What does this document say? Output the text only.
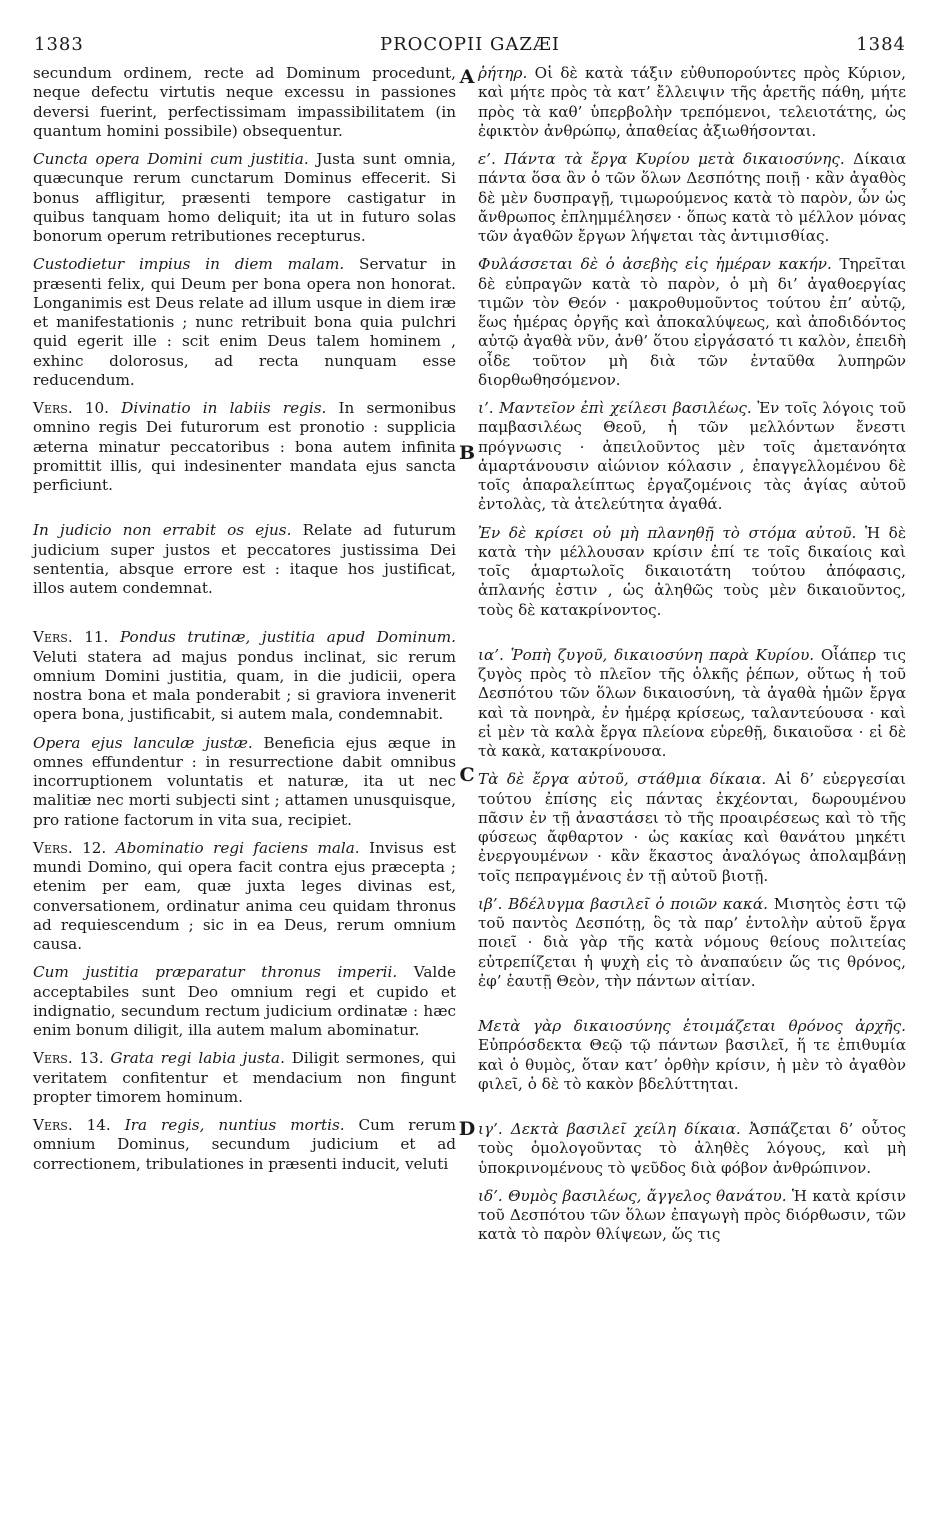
1383	PROCOPII GAZÆI	1384
A
B
C
D

secundum ordinem, recte ad Dominum procedunt, neque defectu virtutis neque excessu in passiones deversi fuerint, perfectissimam impassibilitatem (in quantum homini possibile) obsequentur.

Cuncta opera Domini cum justitia. Justa sunt omnia, quæcunque rerum cunctarum Dominus effecerit. Si bonus affligitur, præsenti tempore castigatur in quibus tanquam homo deliquit; ita ut in futuro solas bonorum operum retributiones recepturus.

Custodietur impius in diem malam. Servatur in præsenti felix, qui Deum per bona opera non honorat. Longanimis est Deus relate ad illum usque in diem iræ et manifestationis ; nunc retribuit bona quia pulchri quid egerit ille : scit enim Deus talem hominem , exhinc dolorosus, ad recta nunquam esse reducendum.

Vers. 10. Divinatio in labiis regis. In sermonibus omnino regis Dei futurorum est pronotio : supplicia æterna minatur peccatoribus : bona autem infinita promittit illis, qui indesinenter mandata ejus sancta perficiunt.

In judicio non errabit os ejus. Relate ad futurum judicium super justos et peccatores justissima Dei sententia, absque errore est : itaque hos justificat, illos autem condemnat.

Vers. 11. Pondus trutinæ, justitia apud Dominum. Veluti statera ad majus pondus inclinat, sic rerum omnium Domini justitia, quam, in die judicii, opera nostra bona et mala ponderabit ; si graviora invenerit opera bona, justificabit, si autem mala, condemnabit.

Opera ejus lanculæ justæ. Beneficia ejus æque in omnes effundentur : in resurrectione dabit omnibus incorruptionem voluntatis et naturæ, ita ut nec malitiæ nec morti subjecti sint ; attamen unusquisque, pro ratione factorum in vita sua, recipiet.

Vers. 12. Abominatio regi faciens mala. Invisus est mundi Domino, qui opera facit contra ejus præcepta ; etenim per eam, quæ juxta leges divinas est, conversationem, ordinatur anima ceu quidam thronus ad requiescendum ; sic in ea Deus, rerum omnium causa.

Cum justitia præparatur thronus imperii. Valde acceptabiles sunt Deo omnium regi et cupido et indignatio, secundum rectum judicium ordinatæ : hæc enim bonum diligit, illa autem malum abominatur.

Vers. 13. Grata regi labia justa. Diligit sermones, qui veritatem confitentur et mendacium non fingunt propter timorem hominum.

Vers. 14. Ira regis, nuntius mortis. Cum rerum omnium Dominus, secundum judicium et ad correctionem, tribulationes in præsenti inducit, veluti

ῥήτηρ. Οἱ δὲ κατὰ τάξιν εὐθυπορούντες πρὸς Κύριον, καὶ μήτε πρὸς τὰ κατ’ ἔλλειψιν τῆς ἀρετῆς πάθη, μήτε πρὸς τὰ καθ’ ὑπερβολὴν τρεπόμενοι, τελειοτάτης, ὡς ἐφικτὸν ἀνθρώπῳ, ἀπαθείας ἀξιωθήσονται.

ε’. Πάντα τὰ ἔργα Κυρίου μετὰ δικαιοσύνης. Δίκαια πάντα ὅσα ἂν ὁ τῶν ὅλων Δεσπότης ποιῇ · κἂν ἀγαθὸς δὲ μὲν δυσπραγῇ, τιμωρούμενος κατὰ τὸ παρὸν, ὧν ὡς ἄνθρωπος ἐπλημμέλησεν · ὅπως κατὰ τὸ μέλλον μόνας τῶν ἀγαθῶν ἔργων λήψεται τὰς ἀντιμισθίας.

Φυλάσσεται δὲ ὁ ἀσεβὴς εἰς ἡμέραν κακήν. Τηρεῖται δὲ εὐπραγῶν κατὰ τὸ παρὸν, ὁ μὴ δι’ ἀγαθοεργίας τιμῶν τὸν Θεόν · μακροθυμοῦντος τούτου ἐπ’ αὐτῷ, ἕως ἡμέρας ὀργῆς καὶ ἀποκαλύψεως, καὶ ἀποδιδόντος αὐτῷ ἀγαθὰ νῦν, ἀνθ’ ὅτου εἰργάσατό τι καλὸν, ἐπειδὴ οἶδε τοῦτον μὴ διὰ τῶν ἐνταῦθα λυπηρῶν διορθωθησόμενον.

ι’. Μαντεῖον ἐπὶ χείλεσι βασιλέως. Ἐν τοῖς λόγοις τοῦ παμβασιλέως Θεοῦ, ἡ τῶν μελλόντων ἔνεστι πρόγνωσις · ἀπειλοῦντος μὲν τοῖς ἀμετανόητα ἁμαρτάνουσιν αἰώνιον κόλασιν , ἐπαγγελλομένου δὲ τοῖς ἀπαραλείπτως ἐργαζομένοις τὰς ἁγίας αὐτοῦ ἐντολὰς, τὰ ἀτελεύτητα ἀγαθά.

Ἐν δὲ κρίσει οὐ μὴ πλανηθῇ τὸ στόμα αὐτοῦ. Ἡ δὲ κατὰ τὴν μέλλουσαν κρίσιν ἐπί τε τοῖς δικαίοις καὶ τοῖς ἁμαρτωλοῖς δικαιοτάτη τούτου ἀπόφασις, ἀπλανής ἐστιν , ὡς ἀληθῶς τοὺς μὲν δικαιοῦντος, τοὺς δὲ κατακρίνοντος.

ια’. Ῥοπὴ ζυγοῦ, δικαιοσύνη παρὰ Κυρίου. Οἷάπερ τις ζυγὸς πρὸς τὸ πλεῖον τῆς ὁλκῆς ῥέπων, οὕτως ἡ τοῦ Δεσπότου τῶν ὅλων δικαιοσύνη, τὰ ἀγαθὰ ἡμῶν ἔργα καὶ τὰ πονηρὰ, ἐν ἡμέρᾳ κρίσεως, ταλαντεύουσα · καὶ εἰ μὲν τὰ καλὰ ἔργα πλείονα εὑρεθῇ, δικαιοῦσα · εἰ δὲ τὰ κακὰ, κατακρίνουσα.

Τὰ δὲ ἔργα αὐτοῦ, στάθμια δίκαια. Αἱ δ’ εὐεργεσίαι τούτου ἐπίσης εἰς πάντας ἐκχέονται, δωρουμένου πᾶσιν ἐν τῇ ἀναστάσει τὸ τῆς προαιρέσεως καὶ τὸ τῆς φύσεως ἄφθαρτον · ὡς κακίας καὶ θανάτου μηκέτι ἐνεργουμένων · κἂν ἕκαστος ἀναλόγως ἀπολαμβάνῃ τοῖς πεπραγμένοις ἐν τῇ αὐτοῦ βιοτῇ.

ιβ’. Βδέλυγμα βασιλεῖ ὁ ποιῶν κακά. Μισητὸς ἐστι τῷ τοῦ παντὸς Δεσπότῃ, ὃς τὰ παρ’ ἐντολὴν αὐτοῦ ἔργα ποιεῖ · διὰ γὰρ τῆς κατὰ νόμους θείους πολιτείας εὐτρεπίζεται ἡ ψυχὴ εἰς τὸ ἀναπαύειν ὥς τις θρόνος, ἐφ’ ἑαυτῇ Θεὸν, τὴν πάντων αἰτίαν.

Μετὰ γὰρ δικαιοσύνης ἑτοιμάζεται θρόνος ἀρχῆς. Εὐπρόσδεκτα Θεῷ τῷ πάντων βασιλεῖ, ἥ τε ἐπιθυμία καὶ ὁ θυμὸς, ὅταν κατ’ ὀρθὴν κρίσιν, ἡ μὲν τὸ ἀγαθὸν φιλεῖ, ὁ δὲ τὸ κακὸν βδελύττηται.

ιγ’. Δεκτὰ βασιλεῖ χείλη δίκαια. Ἀσπάζεται δ’ οὗτος τοὺς ὁμολογοῦντας τὸ ἀληθὲς λόγους, καὶ μὴ ὑποκρινομένους τὸ ψεῦδος διὰ φόβον ἀνθρώπινον.

ιδ’. Θυμὸς βασιλέως, ἄγγελος θανάτου. Ἡ κατὰ κρίσιν τοῦ Δεσπότου τῶν ὅλων ἐπαγωγὴ πρὸς διόρθωσιν, τῶν κατὰ τὸ παρὸν θλίψεων, ὥς τις
